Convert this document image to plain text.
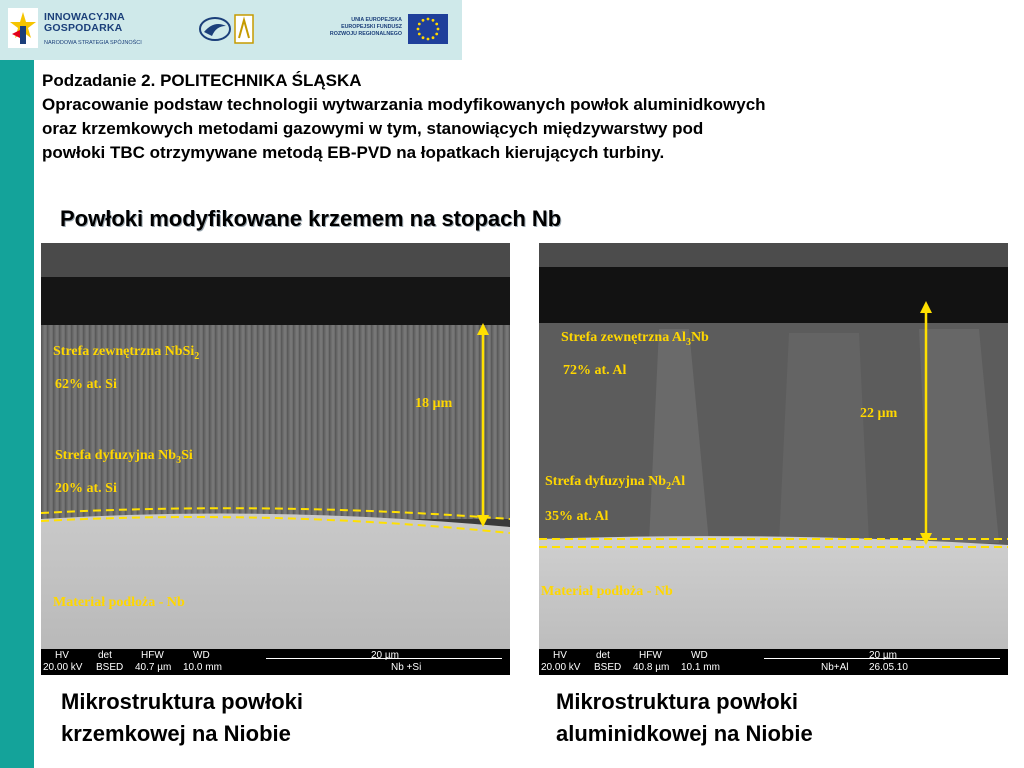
INNOWACYJNA
GOSPODARKA
NARODOWA STRATEGIA SPÓJNOŚCI
UNIA EUROPEJSKA
EUROPEJSKI FUNDUSZ
ROZWOJU REGIONALNEGO
Podzadanie 2. POLITECHNIKA ŚLĄSKA
Opracowanie podstaw technologii wytwarzania modyfikowanych powłok aluminidkowych
oraz krzemkowych metodami gazowymi w tym, stanowiących międzywarstwy pod
powłoki TBC otrzymywane metodą EB-PVD na łopatkach kierujących turbiny.
Powłoki modyfikowane krzemem na stopach Nb
Strefa zewnętrzna NbSi$_2$
62% at. Si
18 µm
Strefa dyfuzyjna $Nb_3Si$
20% at. Si
Materiał podłoża - Nb
HV	det	HFW	WD
20.00 kV BSED 40.7 µm 10.0 mm
20 µm
Nb +Si
Strefa zewnętrzna $Al_3Nb$
72% at. Al
22 µm
Strefa dyfuzyjna $Nb_2Al$
35% at. Al
Materiał podłoża - Nb
HV	det	HFW	WD
20.00 kV BSED 40.8 µm 10.1 mm
20 µm
Nb+Al 26.05.10
Mikrostruktura powłoki
krzemkowej na Niobie
Mikrostruktura powłoki
aluminidkowej na Niobie
